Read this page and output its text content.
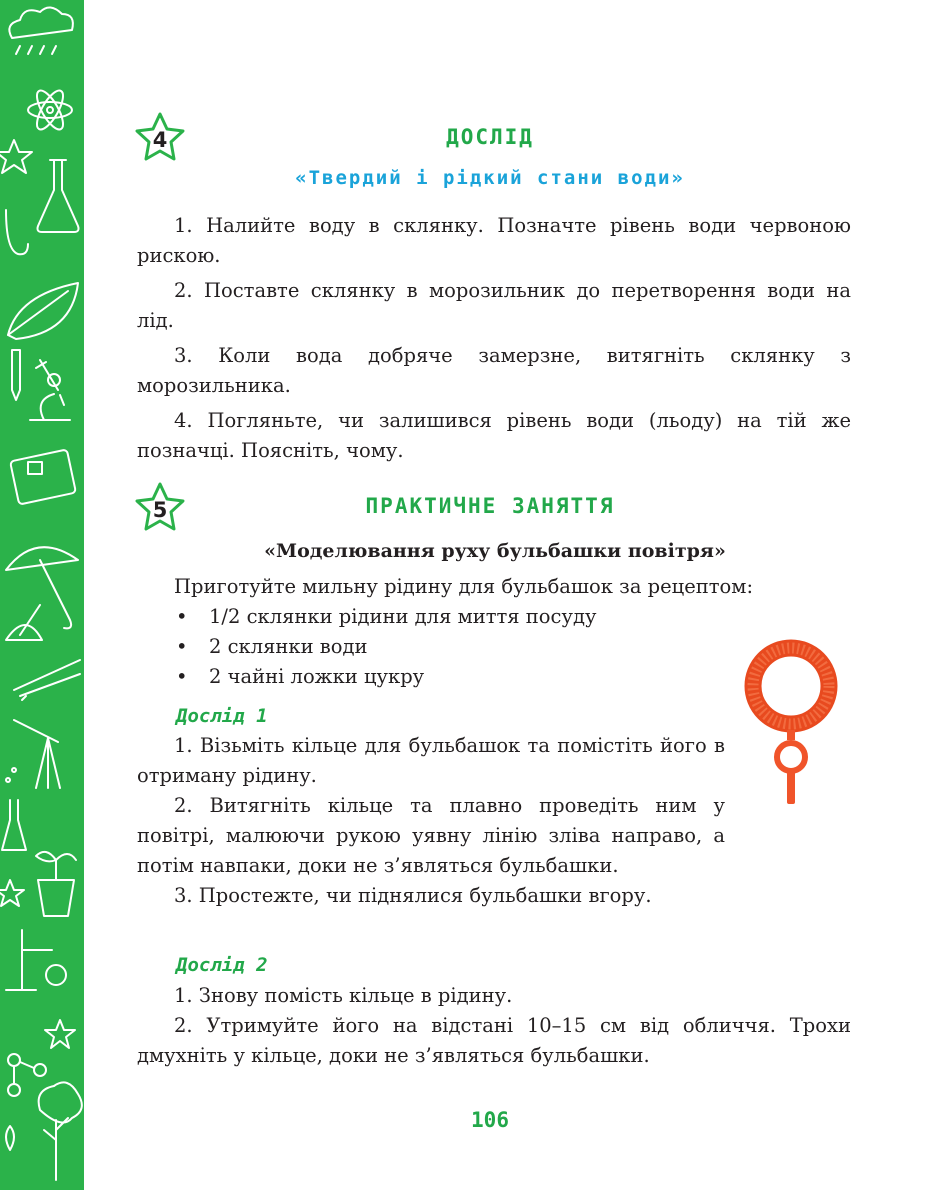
4	ДОСЛІД
«Твердий і рідкий стани води»

1. Налийте воду в склянку. Позначте рівень води червоною рискою.

2. Поставте склянку в морозильник до перетворення води на лід.

3. Коли вода добряче замерзне, витягніть склянку з морозильника.

4. Погляньте, чи залишився рівень води (льоду) на тій же позначці. Поясніть, чому.

5	ПРАКТИЧНЕ ЗАНЯТТЯ
«Моделювання руху бульбашки повітря»
Приготуйте мильну рідину для бульбашок за рецептом:
• 1/2 склянки рідини для миття посуду
• 2 склянки води
• 2 чайні ложки цукру
Дослід 1

1. Візьміть кільце для бульбашок та помістіть його в отриману рідину.

2. Витягніть кільце та плавно проведіть ним у повітрі, малюючи рукою уявну лінію зліва направо, а потім навпаки, доки не з’являться бульбашки.

3. Простежте, чи піднялися бульбашки вгору.

Дослід 2

1. Знову помість кільце в рідину.

2. Утримуйте його на відстані 10–15 см від обличчя. Трохи дмухніть у кільце, доки не з’являться бульбашки.

106
